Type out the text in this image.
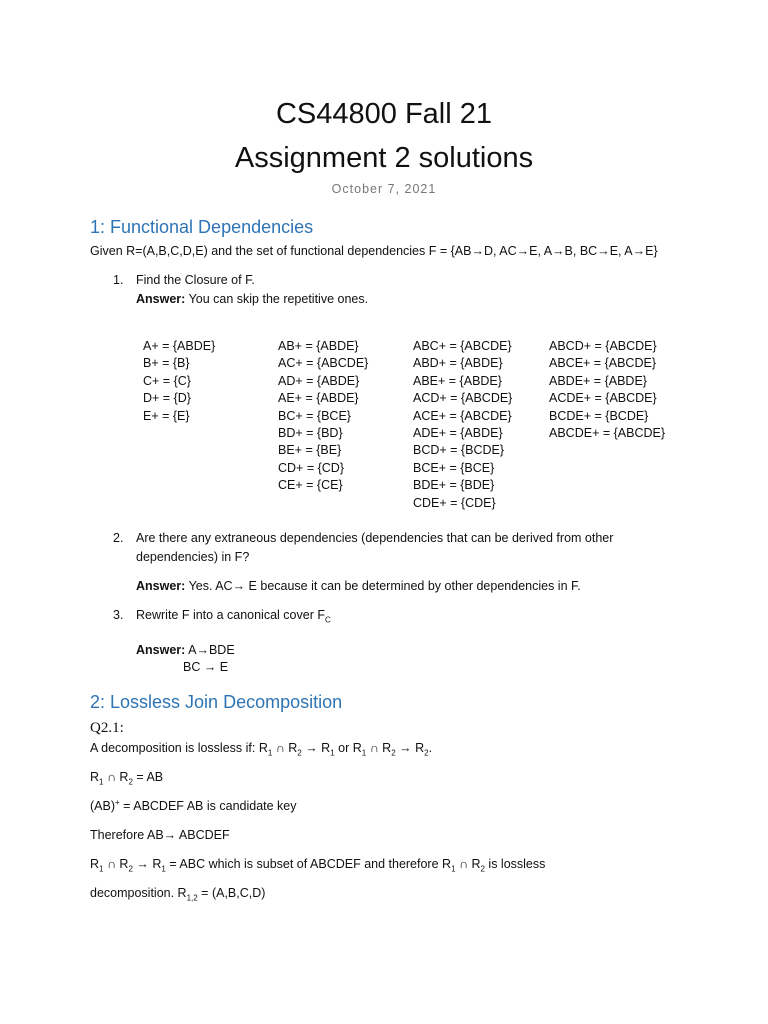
CS44800 Fall 21
Assignment 2 solutions
October 7, 2021
1: Functional Dependencies
Given R=(A,B,C,D,E) and the set of functional dependencies F = {AB→D, AC→E, A→B, BC→E, A→E}
1. Find the Closure of F.
Answer: You can skip the repetitive ones.
A+ = {ABDE}
B+ = {B}
C+ = {C}
D+ = {D}
E+ = {E}
AB+ = {ABDE}
AC+ = {ABCDE}
AD+ = {ABDE}
AE+ = {ABDE}
BC+ = {BCE}
BD+ = {BD}
BE+ = {BE}
CD+ = {CD}
CE+ = {CE}
ABC+ = {ABCDE}
ABD+ = {ABDE}
ABE+ = {ABDE}
ACD+ = {ABCDE}
ACE+ = {ABCDE}
ADE+ = {ABDE}
BCD+ = {BCDE}
BCE+ = {BCE}
BDE+ = {BDE}
CDE+ = {CDE}
ABCD+ = {ABCDE}
ABCE+ = {ABCDE}
ABDE+ = {ABDE}
ACDE+ = {ABCDE}
BCDE+ = {BCDE}
ABCDE+ = {ABCDE}
2. Are there any extraneous dependencies (dependencies that can be derived from other
dependencies) in F?
Answer: Yes. AC→ E because it can be determined by other dependencies in F.
3. Rewrite F into a canonical cover $F_C$
Answer: A→BDE
BC → E
2: Lossless Join Decomposition
Q2.1:
A decomposition is lossless if: $R_1$ ∩ $R_2 \to R_1$ or $R_1$ ∩ $R_2 \to R_2$.
$R_1$ ∩ $R_2$ = AB
(AB)+ = ABCDEF AB is candidate key
Therefore AB→ ABCDEF
$R_1$ ∩ $R_2 \to R_1$ = ABC which is subset of ABCDEF and therefore $R_1$ ∩ $R_2$ is lossless
decomposition. $R_{1,2} = (A,B,C,D)$
